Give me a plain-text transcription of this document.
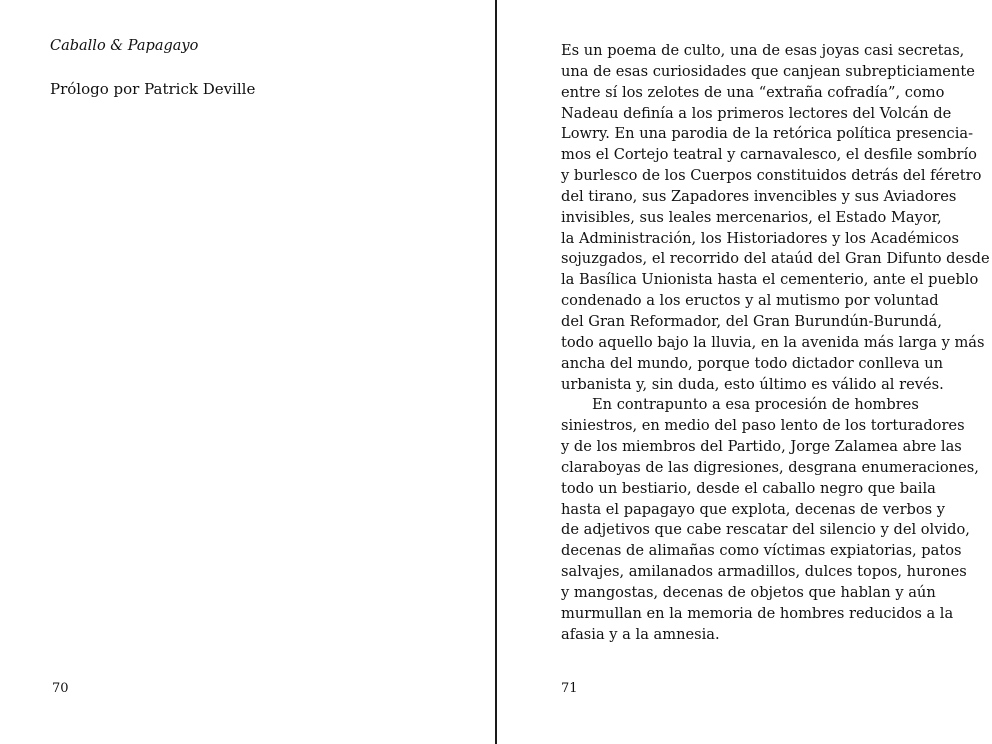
Caballo & Papagayo

Prólogo por Patrick Deville

70

Es un poema de culto, una de esas joyas casi secretas,
una de esas curiosidades que canjean subrepticiamente
entre sí los zelotes de una “extraña cofradía”, como
Nadeau definía a los primeros lectores del Volcán de
Lowry. En una parodia de la retórica política presencia-
mos el Cortejo teatral y carnavalesco, el desfile sombrío
y burlesco de los Cuerpos constituidos detrás del féretro
del tirano, sus Zapadores invencibles y sus Aviadores
invisibles, sus leales mercenarios, el Estado Mayor,
la Administración, los Historiadores y los Académicos
sojuzgados, el recorrido del ataúd del Gran Difunto desde
la Basílica Unionista hasta el cementerio, ante el pueblo
condenado a los eructos y al mutismo por voluntad
del Gran Reformador, del Gran Burundún-Burundá,
todo aquello bajo la lluvia, en la avenida más larga y más
ancha del mundo, porque todo dictador conlleva un
urbanista y, sin duda, esto último es válido al revés.
En contrapunto a esa procesión de hombres
siniestros, en medio del paso lento de los torturadores
y de los miembros del Partido, Jorge Zalamea abre las
claraboyas de las digresiones, desgrana enumeraciones,
todo un bestiario, desde el caballo negro que baila
hasta el papagayo que explota, decenas de verbos y
de adjetivos que cabe rescatar del silencio y del olvido,
decenas de alimañas como víctimas expiatorias, patos
salvajes, amilanados armadillos, dulces topos, hurones
y mangostas, decenas de objetos que hablan y aún
murmullan en la memoria de hombres reducidos a la
afasia y a la amnesia.

71
